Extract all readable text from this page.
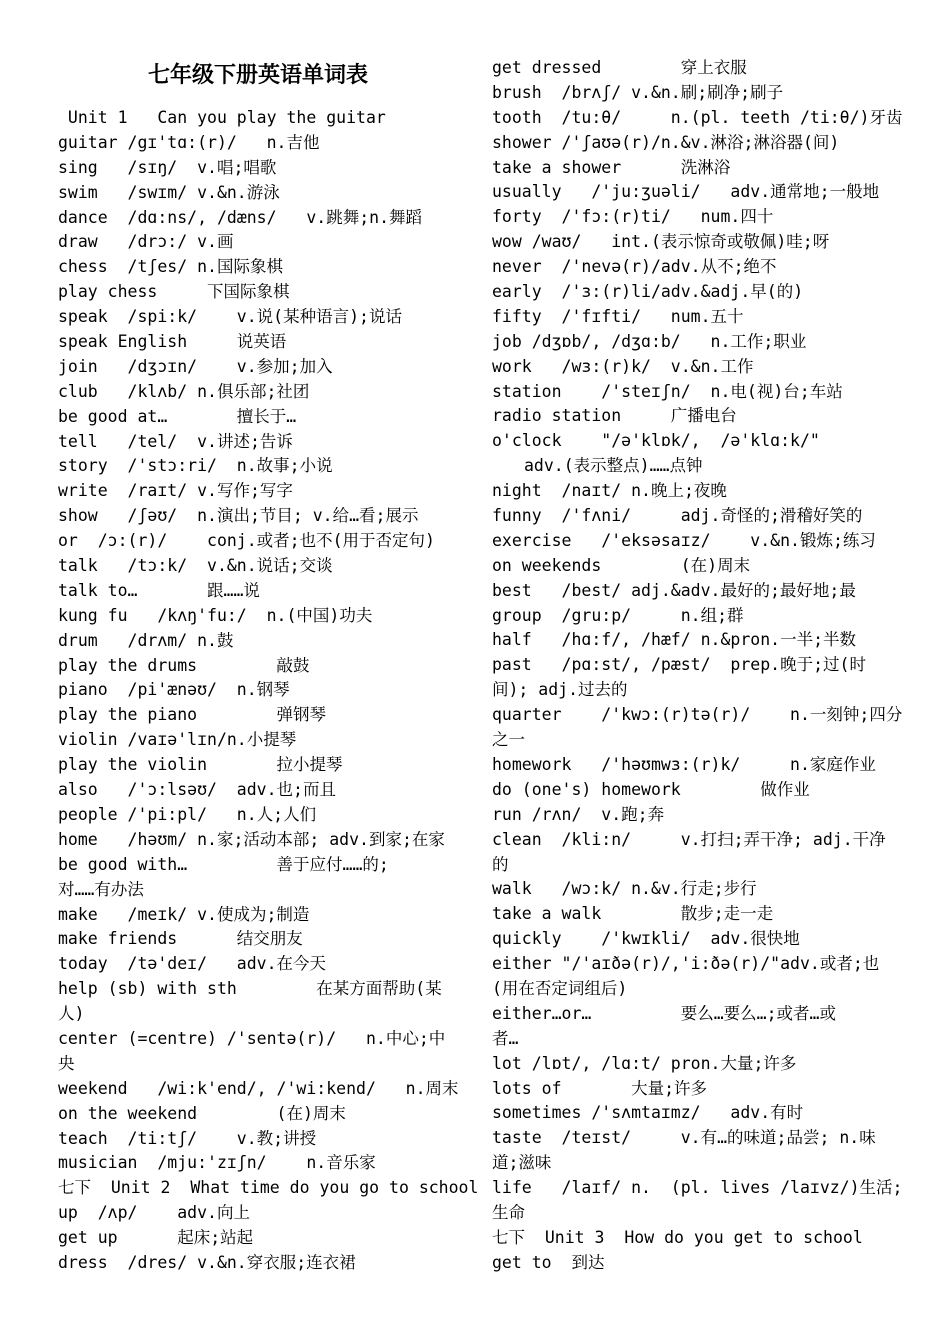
七年级下册英语单词表
Unit 1   Can you play the guitar
guitar /gɪ'tɑ:(r)/   n.吉他
sing   /sɪŋ/  v.唱;唱歌
swim   /swɪm/ v.&n.游泳
dance  /dɑ:ns/, /dæns/   v.跳舞;n.舞蹈
draw   /drɔ:/ v.画
chess  /tʃes/ n.国际象棋
play chess     下国际象棋
speak  /spi:k/    v.说(某种语言);说话
speak English     说英语
join   /dʒɔɪn/    v.参加;加入
club   /klʌb/ n.俱乐部;社团
be good at…       擅长于…
tell   /tel/  v.讲述;告诉
story  /'stɔ:ri/  n.故事;小说
write  /raɪt/ v.写作;写字
show   /ʃəʊ/  n.演出;节目; v.给…看;展示
or  /ɔ:(r)/    conj.或者;也不(用于否定句)
talk   /tɔ:k/  v.&n.说话;交谈
talk to…       跟……说
kung fu   /kʌŋ'fu:/  n.(中国)功夫
drum   /drʌm/ n.鼓
play the drums        敲鼓
piano  /pi'ænəʊ/  n.钢琴
play the piano        弹钢琴
violin /vaɪə'lɪn/n.小提琴
play the violin       拉小提琴
also   /'ɔ:lsəʊ/  adv.也;而且
people /'pi:pl/   n.人;人们
home   /həʊm/ n.家;活动本部; adv.到家;在家
be good with…         善于应付……的;
对……有办法
make   /meɪk/ v.使成为;制造
make friends      结交朋友
today  /tə'deɪ/   adv.在今天
help (sb) with sth        在某方面帮助(某
人)
center (=centre) /'sentə(r)/   n.中心;中
央
weekend   /wi:k'end/, /'wi:kend/   n.周末
on the weekend        (在)周末
teach  /ti:tʃ/    v.教;讲授
musician  /mju:'zɪʃn/    n.音乐家
七下  Unit 2  What time do you go to school
up  /ʌp/    adv.向上
get up      起床;站起
dress  /dres/ v.&n.穿衣服;连衣裙
get dressed        穿上衣服
brush  /brʌʃ/ v.&n.刷;刷净;刷子
tooth  /tu:θ/     n.(pl. teeth /ti:θ/)牙齿
shower /'ʃaʊə(r)/n.&v.淋浴;淋浴器(间)
take a shower      洗淋浴
usually   /'ju:ʒuəli/   adv.通常地;一般地
forty  /'fɔ:(r)ti/   num.四十
wow /waʊ/   int.(表示惊奇或敬佩)哇;呀
never  /'nevə(r)/adv.从不;绝不
early  /'ɜ:(r)li/adv.&adj.早(的)
fifty  /'fɪfti/   num.五十
job /dʒɒb/, /dʒɑ:b/   n.工作;职业
work   /wɜ:(r)k/  v.&n.工作
station    /'steɪʃn/  n.电(视)台;车站
radio station     广播电台
o'clock    "/ə'klɒk/,  /ə'klɑ:k/"
adv.(表示整点)……点钟
night  /naɪt/ n.晚上;夜晚
funny  /'fʌni/     adj.奇怪的;滑稽好笑的
exercise   /'eksəsaɪz/    v.&n.锻炼;练习
on weekends        (在)周末
best   /best/ adj.&adv.最好的;最好地;最
group  /gru:p/     n.组;群
half   /hɑ:f/, /hæf/ n.&pron.一半;半数
past   /pɑ:st/, /pæst/  prep.晚于;过(时
间); adj.过去的
quarter    /'kwɔ:(r)tə(r)/    n.一刻钟;四分
之一
homework   /'həʊmwɜ:(r)k/     n.家庭作业
do (one's) homework        做作业
run /rʌn/  v.跑;奔
clean  /kli:n/     v.打扫;弄干净; adj.干净
的
walk   /wɔ:k/ n.&v.行走;步行
take a walk        散步;走一走
quickly    /'kwɪkli/  adv.很快地
either "/'aɪðə(r)/,'i:ðə(r)/"adv.或者;也
(用在否定词组后)
either…or…         要么…要么…;或者…或
者…
lot /lɒt/, /lɑ:t/ pron.大量;许多
lots of       大量;许多
sometimes /'sʌmtaɪmz/   adv.有时
taste  /teɪst/     v.有…的味道;品尝; n.味
道;滋味
life   /laɪf/ n.  (pl. lives /laɪvz/)生活;
生命
七下  Unit 3  How do you get to school
get to  到达
